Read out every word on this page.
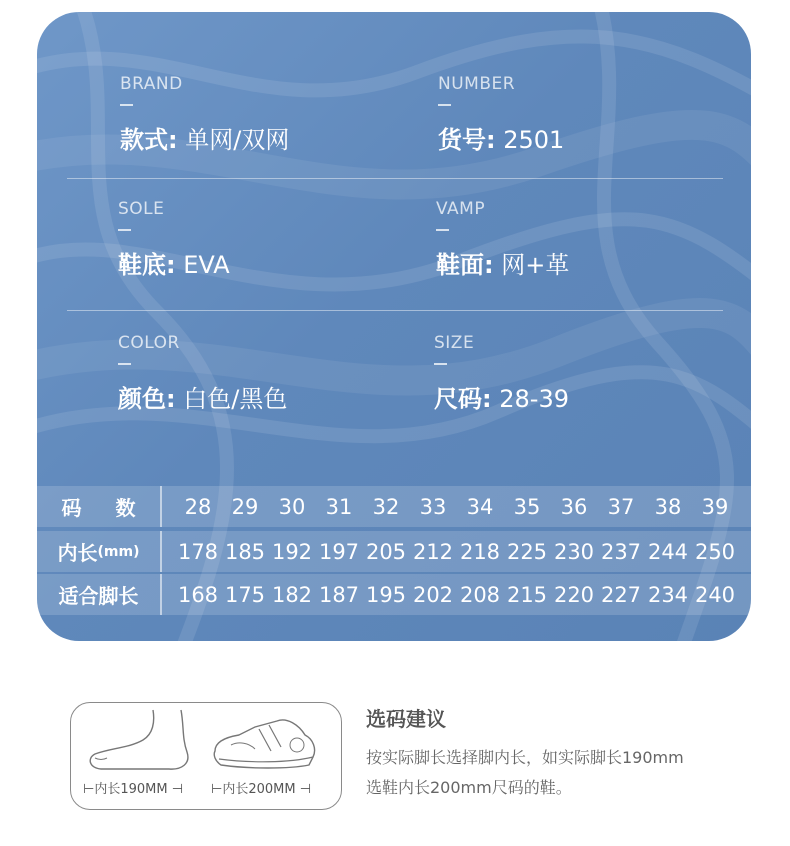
BRAND
款式: 单网/双网
NUMBER
货号: 2501
SOLE
鞋底: EVA
VAMP
鞋面: 网+革
COLOR
颜色: 白色/黑色
SIZE
尺码: 28-39
码 数	28 29 30 31 32 33 34 35 36 37 38 39
内长 (mm) 178 185 192 197 205 212 218 225 230 237 244 250
适合脚长 168 175 182 187 195 202 208 215 220 227 234 240
⊢内长190MM ⊣ ⊢内长200MM ⊣
选码建议
按实际脚长选择脚内长，如实际脚长190mm
选鞋内长200mm尺码的鞋。
